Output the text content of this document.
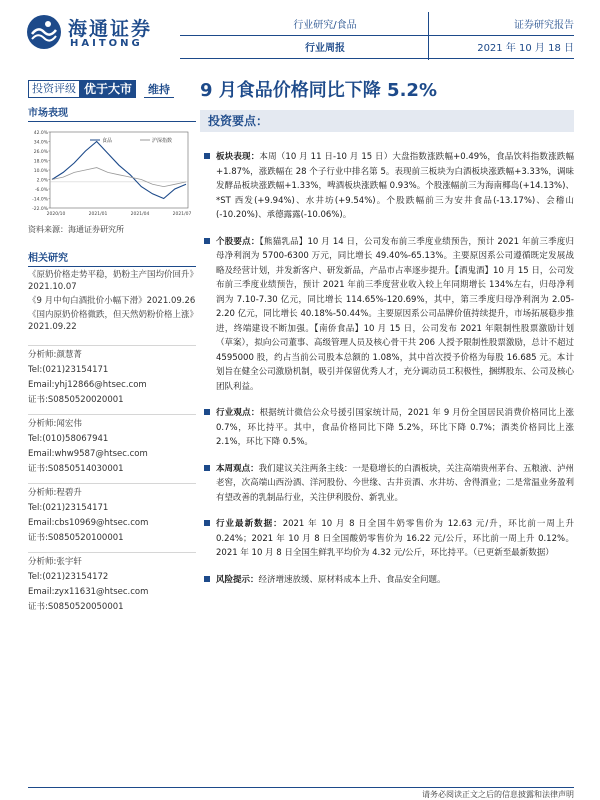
海通证券
HAITONG
行业研究/食品
行业周报
证券研究报告
2021 年 10 月 18 日
投资评级 优于大市	维持 9 月食品价格同比下降 5.2%
市场表现
42.0%
34.0%
26.0%
18.0%
10.0%
2.0%
-6.0%
-14.0%
-22.0%
2020/10	2021/01	2021/04	2021/07
食品	沪深指数
资料来源：海通证券研究所
相关研究
《原奶价格走势平稳，奶粉主产国均价回升》2021.10.07
《9 月中旬白酒批价小幅下滑》2021.09.26
《国内原奶价格微跌，但天然奶粉价格上涨》2021.09.22
分析师:颜慧菁
Tel:(021)23154171
Email:yhj12866@htsec.com
证书:S0850520020001
分析师:闻宏伟
Tel:(010)58067941
Email:whw9587@htsec.com
证书:S0850514030001
分析师:程碧升
Tel:(021)23154171
Email:cbs10969@htsec.com
证书:S0850520100001
分析师:张宇轩
Tel:(021)23154172
Email:zyx11631@htsec.com
证书:S0850520050001
投资要点：
板块表现：本周（10 月 11 日-10 月 15 日）大盘指数涨跌幅+0.49%，食品饮料指数涨跌幅+1.87%，涨跌幅在 28 个子行业中排名第 5。表现前三板块为白酒板块涨跌幅+3.33%，调味发酵品板块涨跌幅+1.33%，啤酒板块涨跌幅 0.93%。个股涨幅前三为海南椰岛(+14.13%)、*ST 西发(+9.94%)、水井坊(+9.54%)。个股跌幅前三为安井食品(-13.17%)、会稽山(-10.20%)、承德露露(-10.06%)。
个股要点：【熊猫乳品】10 月 14 日，公司发布前三季度业绩预告，预计 2021 年前三季度归母净利润为 5700-6300 万元，同比增长 49.40%-65.13%。主要原因系公司遵循既定发展战略及经营计划，并发新客户、研发新品，产品市占率逐步提升。【酒鬼酒】10 月 15 日，公司发布前三季度业绩预告，预计 2021 年前三季度营业收入较上年同期增长 134%左右，归母净利润为 7.10-7.30 亿元，同比增长 114.65%-120.69%，其中，第三季度归母净利润为 2.05-2.20 亿元，同比增长 40.18%-50.44%。主要原因系公司品牌价值持续提升，市场拓展稳步推进，终端建设不断加强。【南侨食品】10 月 15 日，公司发布 2021 年限制性股票激励计划（草案），拟向公司董事、高级管理人员及核心骨干共 206 人授予限制性股票激励，总计不超过 4595000 股，约占当前公司股本总额的 1.08%，其中首次授予价格为每股 16.685 元。本计划旨在健全公司激励机制，吸引并保留优秀人才，充分调动员工积极性，捆绑股东、公司及核心团队利益。
行业观点：根据统计微信公众号援引国家统计局，2021 年 9 月份全国居民消费价格同比上涨 0.7%，环比持平。其中，食品价格同比下降 5.2%，环比下降 0.7%；酒类价格同比上涨 2.1%，环比下降 0.5%。
本周观点：我们建议关注两条主线：一是稳增长的白酒板块，关注高端贵州茅台、五粮液、泸州老窖，次高端山西汾酒、洋河股份、今世缘、古井贡酒、水井坊、舍得酒业；二是常温业务盈利有望改善的乳制品行业，关注伊利股份、新乳业。
行业最新数据：2021 年 10 月 8 日全国牛奶零售价为 12.63 元/升，环比前一周上升 0.24%；2021 年 10 月 8 日全国酸奶零售价为 16.22 元/公斤，环比前一周上升 0.12%。2021 年 10 月 8 日全国生鲜乳平均价为 4.32 元/公斤，环比持平。（已更新至最新数据）
风险提示：经济增速放缓、原材料成本上升、食品安全问题。
请务必阅读正文之后的信息披露和法律声明
